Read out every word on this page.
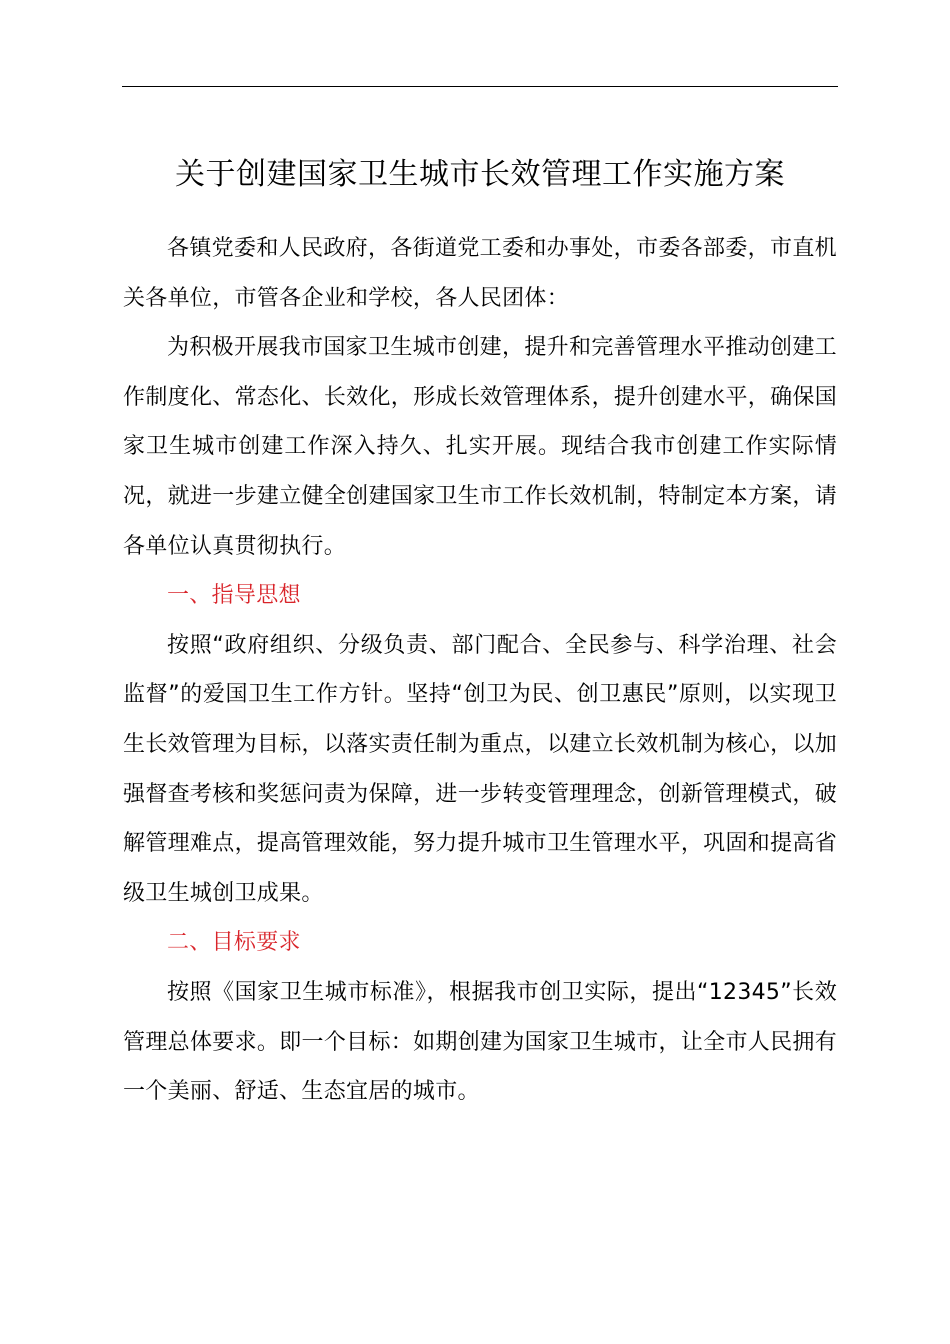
关于创建国家卫生城市长效管理工作实施方案

各镇党委和人民政府，各街道党工委和办事处，市委各部委，市直机关各单位，市管各企业和学校，各人民团体：

为积极开展我市国家卫生城市创建，提升和完善管理水平推动创建工作制度化、常态化、长效化，形成长效管理体系，提升创建水平，确保国家卫生城市创建工作深入持久、扎实开展。现结合我市创建工作实际情况，就进一步建立健全创建国家卫生市工作长效机制，特制定本方案，请各单位认真贯彻执行。

一、指导思想

按照“政府组织、分级负责、部门配合、全民参与、科学治理、社会监督”的爱国卫生工作方针。坚持“创卫为民、创卫惠民”原则，以实现卫生长效管理为目标，以落实责任制为重点，以建立长效机制为核心，以加强督查考核和奖惩问责为保障，进一步转变管理理念，创新管理模式，破解管理难点，提高管理效能，努力提升城市卫生管理水平，巩固和提高省级卫生城创卫成果。

二、目标要求

按照《国家卫生城市标准》，根据我市创卫实际，提出“12345”长效管理总体要求。即一个目标：如期创建为国家卫生城市，让全市人民拥有一个美丽、舒适、生态宜居的城市。
